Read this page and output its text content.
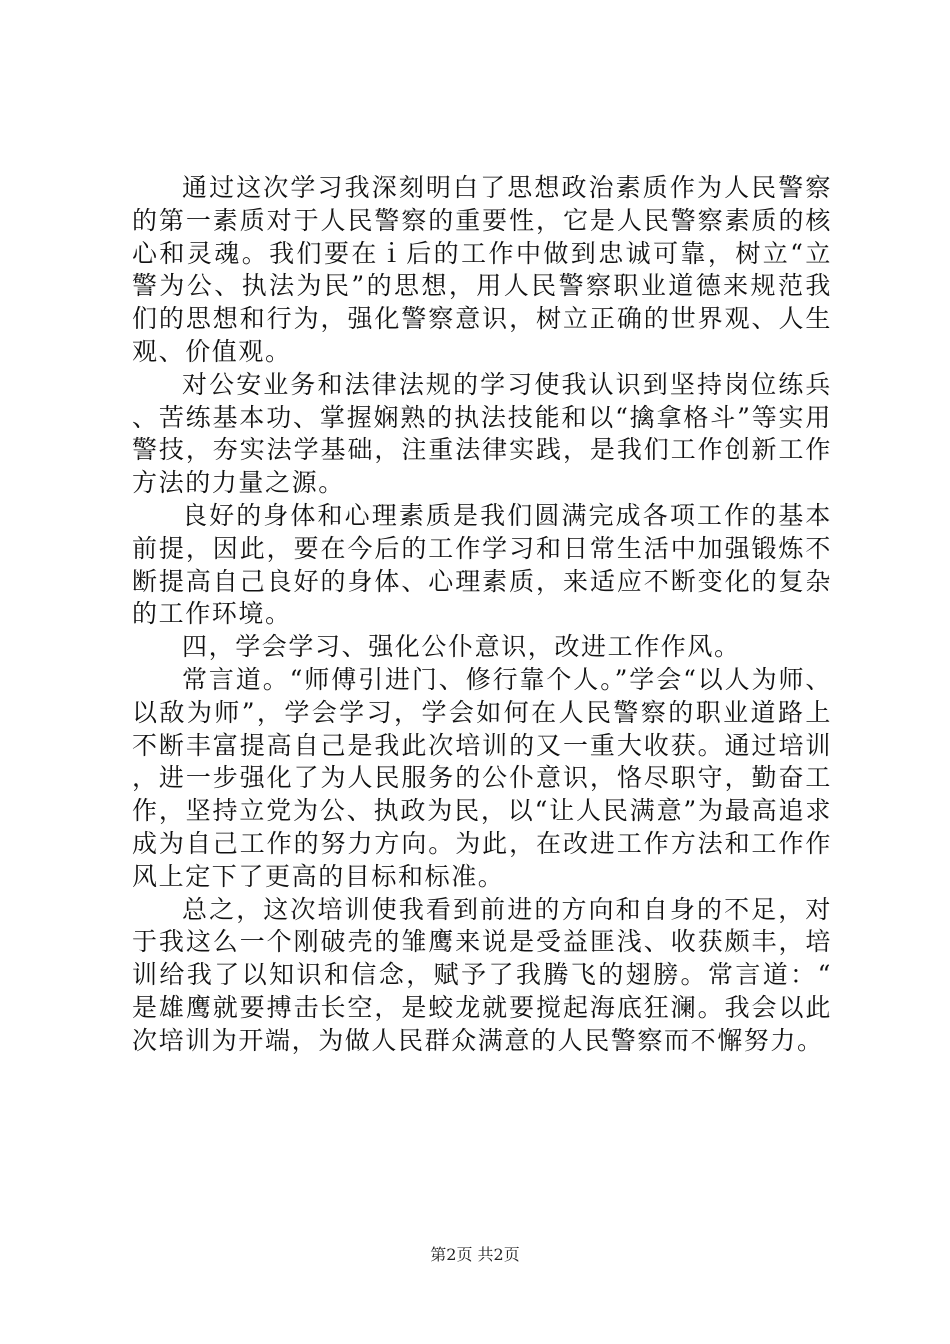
通过这次学习我深刻明白了思想政治素质作为人民警察的第一素质对于人民警察的重要性，它是人民警察素质的核心和灵魂。我们要在ｉ后的工作中做到忠诚可靠，树立“立警为公、执法为民”的思想，用人民警察职业道德来规范我们的思想和行为，强化警察意识，树立正确的世界观、人生观、价值观。

对公安业务和法律法规的学习使我认识到坚持岗位练兵、苦练基本功、掌握娴熟的执法技能和以“擒拿格斗”等实用警技，夯实法学基础，注重法律实践，是我们工作创新工作方法的力量之源。

良好的身体和心理素质是我们圆满完成各项工作的基本前提，因此，要在今后的工作学习和日常生活中加强锻炼不断提高自己良好的身体、心理素质，来适应不断变化的复杂的工作环境。

四，学会学习、强化公仆意识，改进工作作风。

常言道。“师傅引进门、修行靠个人。”学会“以人为师、以敌为师”，学会学习，学会如何在人民警察的职业道路上不断丰富提高自己是我此次培训的又一重大收获。通过培训，进一步强化了为人民服务的公仆意识，恪尽职守，勤奋工作，坚持立党为公、执政为民，以“让人民满意”为最高追求成为自己工作的努力方向。为此，在改进工作方法和工作作风上定下了更高的目标和标准。

总之，这次培训使我看到前进的方向和自身的不足，对于我这么一个刚破壳的雏鹰来说是受益匪浅、收获颇丰，培训给我了以知识和信念，赋予了我腾飞的翅膀。常言道：“是雄鹰就要搏击长空，是蛟龙就要搅起海底狂澜。我会以此次培训为开端，为做人民群众满意的人民警察而不懈努力。

第2页 共2页
